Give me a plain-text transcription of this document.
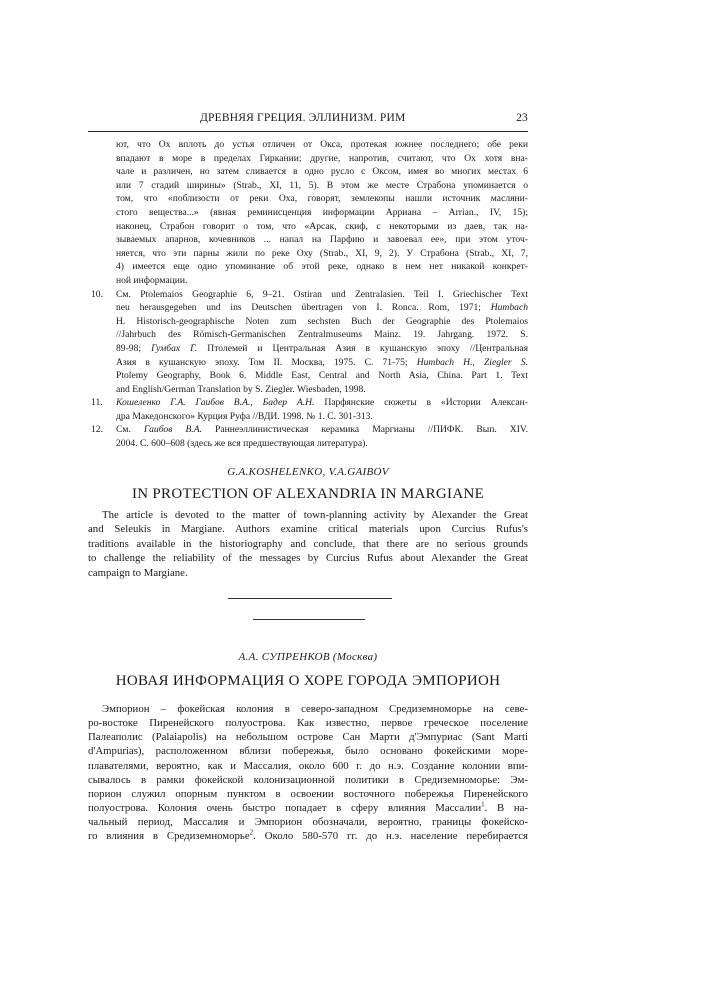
ДРЕВНЯЯ ГРЕЦИЯ. ЭЛЛИНИЗМ. РИМ	23
ют, что Ох вплоть до устья отличен от Окса, протекая южнее последнего; обе реки
впадают в море в пределах Гиркании; другие, напротив, считают, что Ох хотя вна-
чале и различен, но затем сливается в одно русло с Оксом, имея во многих местах 6
или 7 стадий ширины» (Strab., XI, 11, 5). В этом же месте Страбона упоминается о
том, что «поблизости от реки Оха, говорят, землекопы нашли источник масляни-
стого вещества...» (явная реминисценция информации Арриана – Arrian., IV, 15);
наконец, Страбон говорит о том, что «Арсак, скиф, с некоторыми из даев, так на-
зываемых апарнов, кочевников ... напал на Парфию и завоевал ее», при этом уточ-
няется, что эти парны жили по реке Оху (Strab., XI, 9, 2). У Страбона (Strab., XI, 7,
4) имеется еще одно упоминание об этой реке, однако в нем нет никакой конкрет-
ной информации.
10.	См. Ptolemaios Geographie 6, 9–21. Ostiran und Zentralasien. Teil I. Griechischer Text
neu herausgegeben und ins Deutschen übertragen von I. Ronca. Rom, 1971; Humbach
H. Historisch-geographische Noten zum sechsten Buch der Geographie des Ptolemaios
//Jahrbuch des Römisch-Germanischen Zentralmuseums Mainz. 19. Jahrgang. 1972. S.
89-98; Гумбах Г. Птолемей и Центральная Азия в кушанскую эпоху //Центральная
Азия в кушанскую эпоху. Том II. Москва, 1975. С. 71-75; Humbach H., Ziegler S.
Ptolemy Geography, Book 6. Middle East, Central and North Asia, China. Part 1. Text
and English/German Translation by S. Ziegler. Wiesbaden, 1998.
11.	Кошеленко Г.А. Гаибов В.А., Бадер А.Н. Парфянские сюжеты в «Истории Алексан-
дра Македонского» Курция Руфа //ВДИ. 1998. № 1. С. 301-313.
12.	См. Гаибов В.А. Раннеэллинистическая керамика Маргианы //ПИФК. Вып. XIV.
2004. С. 600–608 (здесь же вся предшествующая литература).
G.A.KOSHELENKO, V.A.GAIBOV
IN PROTECTION OF ALEXANDRIA IN MARGIANE
The article is devoted to the matter of town-planning activity by Alexander the Great
and Seleukis in Margiane. Authors examine critical materials upon Curcius Rufus's
traditions available in the historiography and conclude, that there are no serious grounds
to challenge the reliability of the messages by Curcius Rufus about Alexander the Great
campaign to Margiane.
А.А. СУПРЕНКОВ (Москва)
НОВАЯ ИНФОРМАЦИЯ О ХОРЕ ГОРОДА ЭМПОРИОН
Эмпорион – фокейская колония в северо-западном Средиземноморье на севе-
ро-востоке Пиренейского полуострова. Как известно, первое греческое поселение
Палеаполис (Palaiapolis) на небольшом острове Сан Марти д'Эмпуриас (Sant Marti
d'Ampurias), расположенном вблизи побережья, было основано фокейскими море-
плавателями, вероятно, как и Массалия, около 600 г. до н.э. Создание колонии впи-
сывалось в рамки фокейской колонизационной политики в Средиземноморье: Эм-
порион служил опорным пунктом в освоении восточного побережья Пиренейского
полуострова. Колония очень быстро попадает в сферу влияния Массалии$^1$. В на-
чальный период, Массалия и Эмпорион обозначали, вероятно, границы фокейско-
го влияния в Средиземноморье$^2$. Около 580-570 гг. до н.э. население перебирается
